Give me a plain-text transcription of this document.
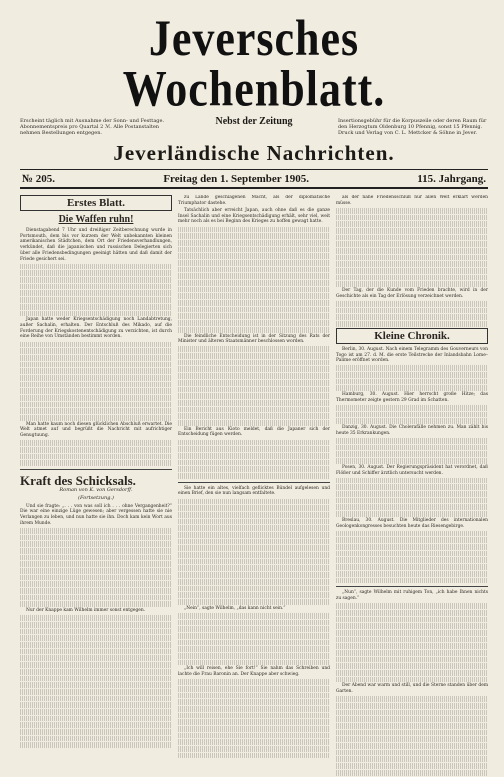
Jeversches Wochenblatt.
Erscheint täglich mit Ausnahme der Sonn- und Festtage. Abonnementspreis pro Quartal 2 ℳ. Alle Postanstalten nehmen Bestellungen entgegen.
Nebst der Zeitung	Insertionsgebühr für die Korpuszeile oder deren Raum für den Herzogtum Oldenburg 10 Pfennig, sonst 15 Pfennig. Druck und Verlag von C. L. Mettcker & Söhne in Jever.
Jeverländische Nachrichten.
№ 205.	Freitag den 1. September 1905.	115. Jahrgang.
Erstes Blatt.
Die Waffen ruhn!

Dienstagabend 7 Uhr und dreißiger Zeitberechnung wurde in Portsmouth, dem bis vor kurzem der Welt unbekannten kleinen amerikanischen Städtchen, dem Ort der Friedensverhandlungen, verkündet, daß die japanischen und russischen Delegierten sich über alle Friedensbedingungen geeinigt hätten und daß damit der Friede gesichert sei.

Japan hatte weder Kriegsentschädigung noch Landabtretung, außer Sachalin, erhalten. Der Entschluß des Mikado, auf die Forderung der Kriegskostenentschädigung zu verzichten, ist durch eine Reihe von Umständen bestimmt worden.

Man hatte kaum noch diesen glücklichen Abschluß erwartet. Die Welt atmet auf und begrüßt die Nachricht mit aufrichtiger Genugtuung.

Kraft des Schicksals.
Roman von K. von Gersdorff.
(Fortsetzung.)

Und sie fragte: „. . . von was soll ich . . . ohne Vergangenheit?“ Die war eine einzige Lüge gewesen; aber vergessen hatte sie nie Verlangen zu leben, und nun hatte sie ihn. Doch kam kein Wort aus ihrem Munde.

Nur der Knappe kam Wilhelm immer sonst entgegen.

zu Lande geschlagenen Macht, als der diplomatische Triumphator dastehe.

Tatsächlich aber erreicht Japan, auch ohne daß es die ganze Insel Sachalin und eine Kriegsentschädigung erhält, sehr viel, weit mehr noch als es bei Beginn des Krieges zu hoffen gewagt hatte.

Die feindliche Entscheidung ist in der Sitzung des Rats der Minister und älteren Staatsmänner beschlossen worden.

Ein Bericht aus Kioto meldet, daß die Japaner sich der Entscheidung fügen werden.

Sie hatte ein altes, vielfach geflicktes Bündel aufgelesen und einen Brief, den sie nun langsam entfaltete.

„Nein“, sagte Wilhelm, „das kann nicht sein.“

„Ich will reisen, ehe Sie fort!“ Sie nahm das Schreiben und lachte die Frau Baronin an. Der Knappe aber schwieg.

als der nahe Friedensschluß nur allen Welt erklärt werden müsse.

Der Tag, der die Kunde vom Frieden brachte, wird in der Geschichte als ein Tag der Erlösung verzeichnet werden.

Kleine Chronik.

Berlin, 30. August. Nach einem Telegramm des Gouverneurs von Togo ist am 27. d. M. die erste Teilstrecke der Inlandsbahn Lome–Palime eröffnet worden.

Hamburg, 30. August. Hier herrscht große Hitze; das Thermometer zeigte gestern 29 Grad im Schatten.

Danzig, 30. August. Die Cholerafälle nehmen zu. Man zählt bis heute 35 Erkrankungen.

Posen, 30. August. Der Regierungspräsident hat verordnet, daß Flößer und Schiffer ärztlich untersucht werden.

Breslau, 30. August. Die Mitglieder des internationalen Geologenkongresses besuchten heute das Riesengebirge.

„Nun“, sagte Wilhelm mit ruhigem Ton, „ich habe Ihnen nichts zu sagen.“

Der Abend war warm und still, und die Sterne standen über dem Garten.
